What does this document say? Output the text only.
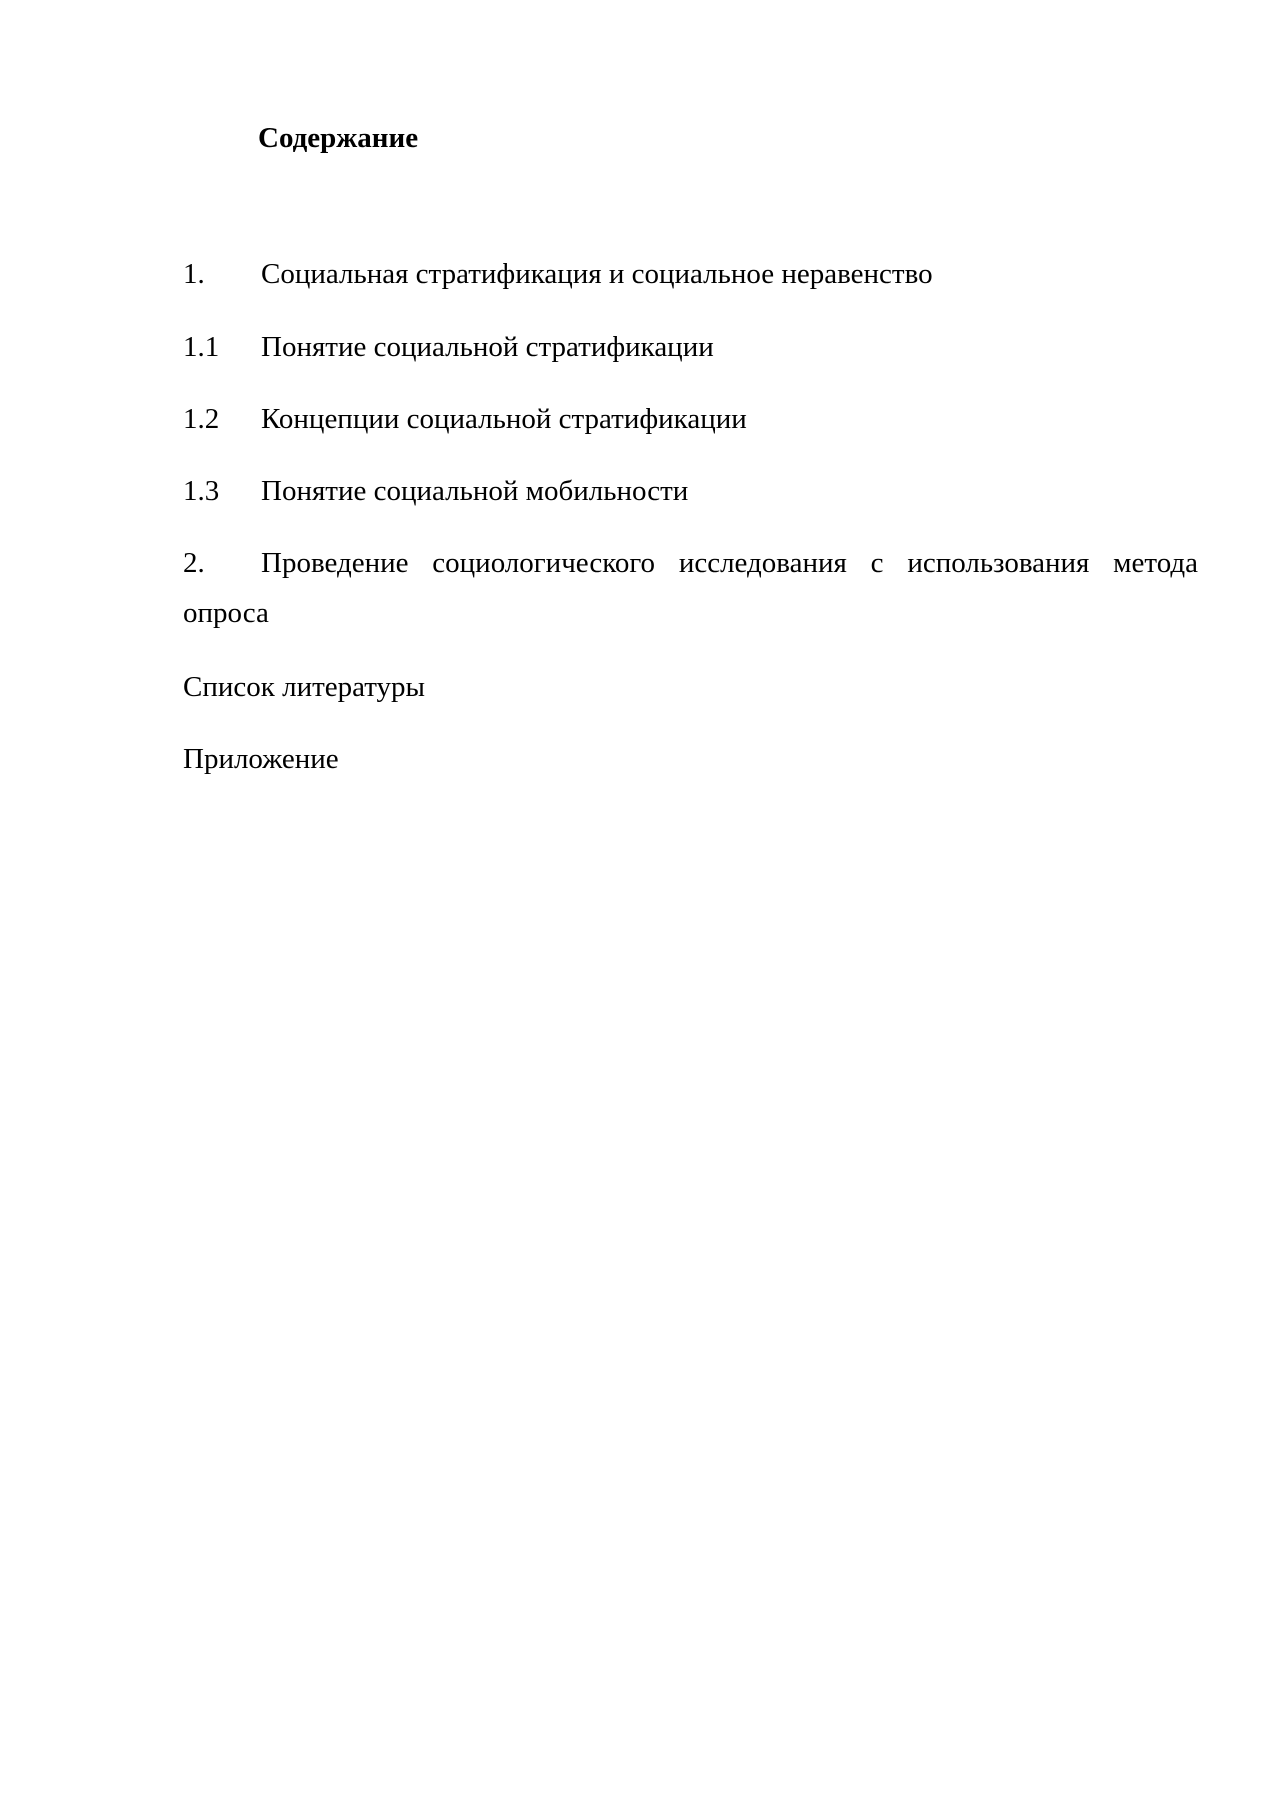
Содержание
1. Социальная стратификация и социальное неравенство
1.1 Понятие социальной стратификации
1.2 Концепции социальной стратификации
1.3 Понятие социальной мобильности
2. Проведение социологического исследования с использования метода опроса
Список литературы
Приложение
